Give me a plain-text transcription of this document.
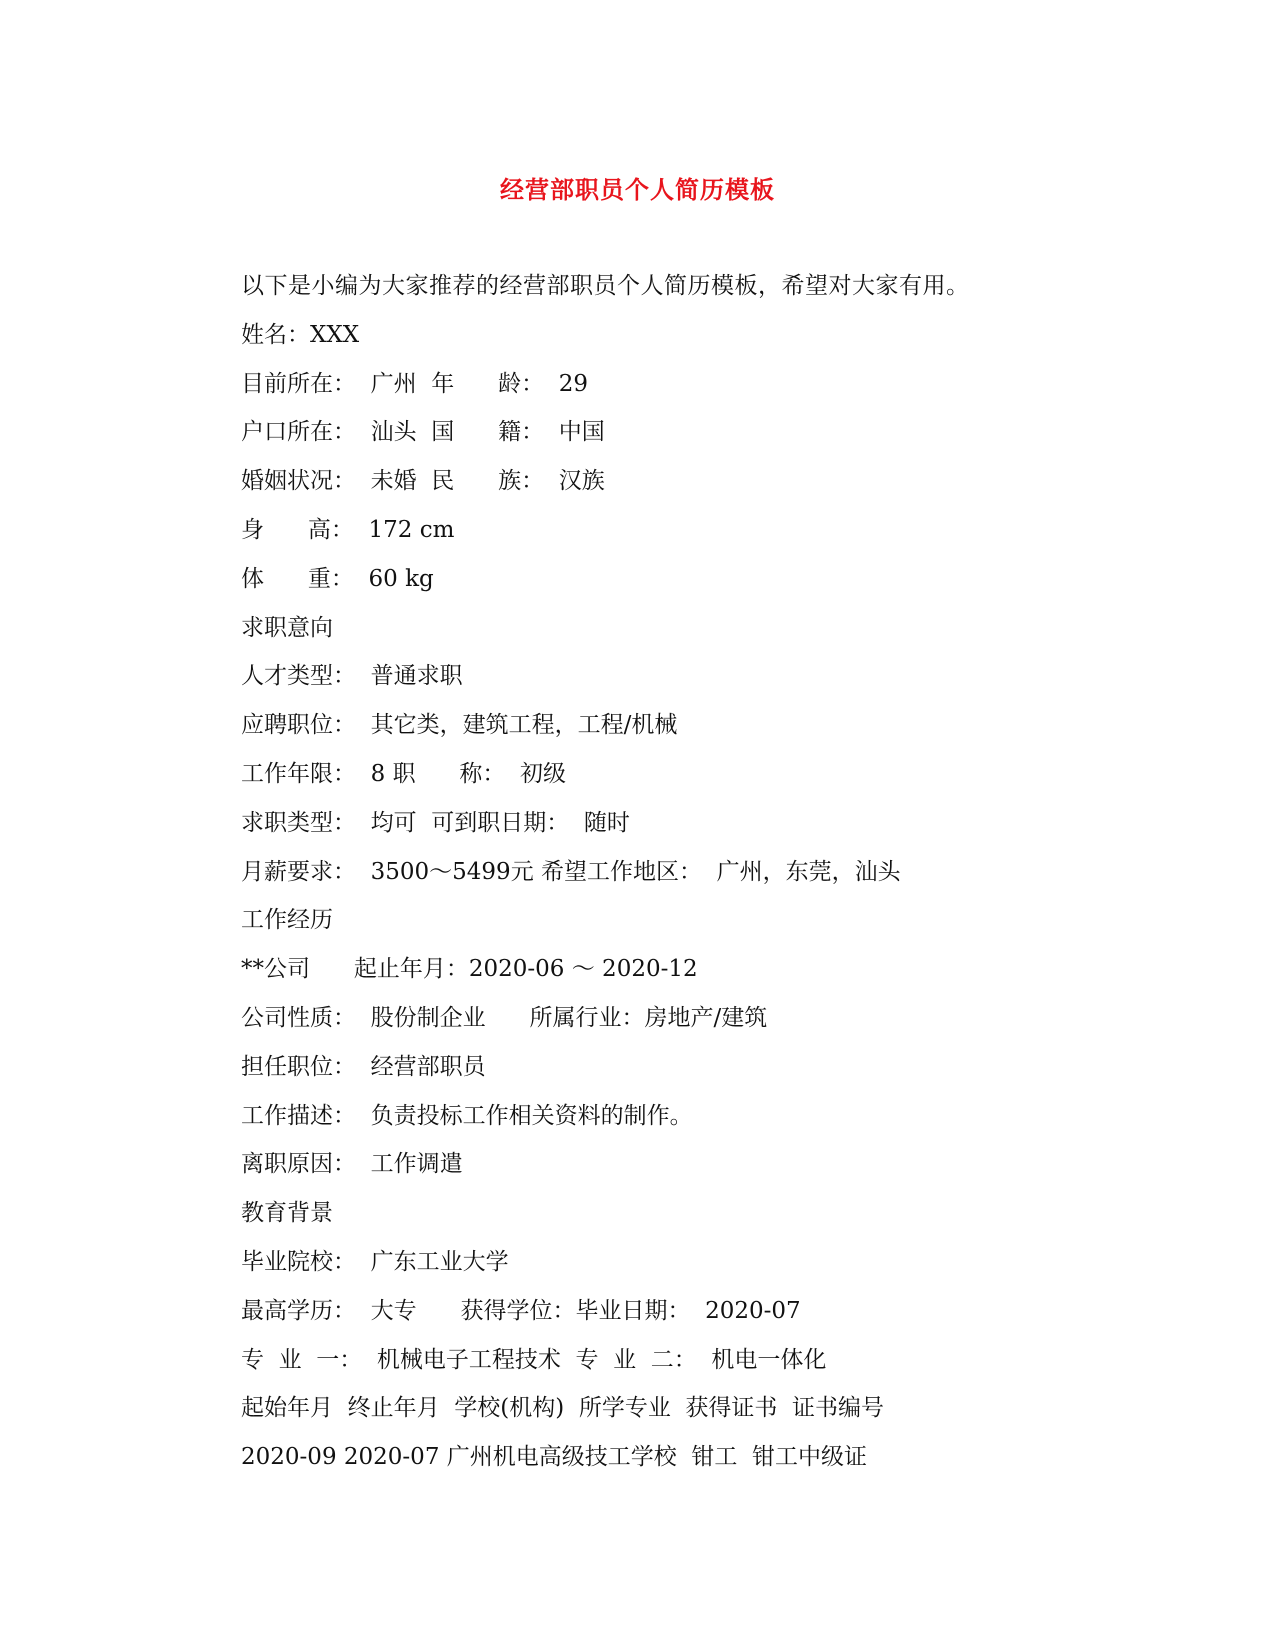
经营部职员个人简历模板
以下是小编为大家推荐的经营部职员个人简历模板，希望对大家有用。
姓名：XXX
目前所在：  广州  年      龄：  29
户口所在：  汕头  国      籍：  中国
婚姻状况：  未婚  民      族：  汉族
身      高：  172 cm
体      重：  60 kg
求职意向
人才类型：  普通求职
应聘职位：  其它类，建筑工程，工程/机械
工作年限：  8 职      称：  初级
求职类型：  均可  可到职日期：  随时
月薪要求：  3500～5499元 希望工作地区：  广州，东莞，汕头
工作经历
**公司      起止年月：2020-06 ～ 2020-12
公司性质：  股份制企业      所属行业：房地产/建筑
担任职位：  经营部职员
工作描述：  负责投标工作相关资料的制作。
离职原因：  工作调遣
教育背景
毕业院校：  广东工业大学
最高学历：  大专      获得学位：毕业日期：  2020-07
专  业  一：  机械电子工程技术  专  业  二：  机电一体化
起始年月  终止年月  学校(机构)  所学专业  获得证书  证书编号
2020-09 2020-07 广州机电高级技工学校  钳工  钳工中级证
